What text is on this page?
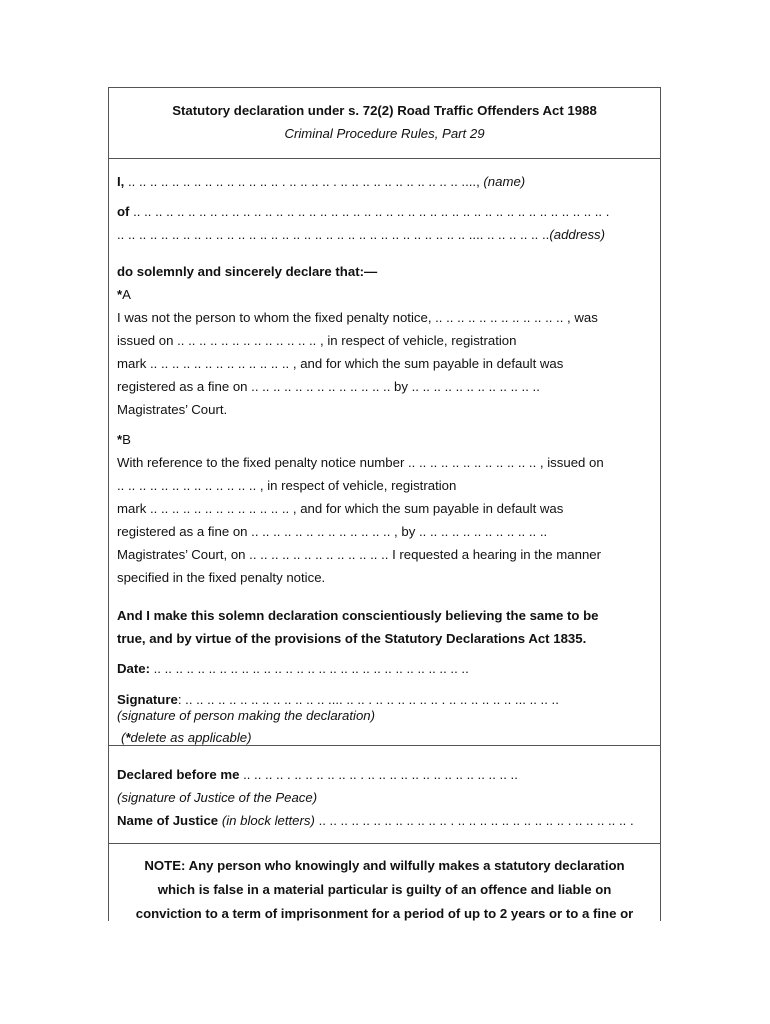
Statutory declaration under s. 72(2) Road Traffic Offenders Act 1988
Criminal Procedure Rules, Part 29
I, .. .. .. .. .. .. .. .. .. .. .. .. .. .. . .. .. .. .. . .. .. .. .. .. .. .. .. .. .. .. ...., (name)
of .. .. .. .. .. .. .. .. .. .. .. .. .. .. .. .. .. .. .. .. .. .. .. .. .. .. .. .. .. .. .. .. .. .. .. .. .. .. .. .. .. .. .. .
.. .. .. .. .. .. .. .. .. .. .. .. .. .. .. .. .. .. .. .. .. .. .. .. .. .. .. .. .. .. .. .. .... .. .. .. .. .. ..(address)
do solemnly and sincerely declare that:—
*A
I was not the person to whom the fixed penalty notice, .. .. .. .. .. .. .. .. .. .. .. .. , was
issued on .. .. .. .. .. .. .. .. .. .. .. .. .. , in respect of vehicle, registration
mark .. .. .. .. .. .. .. .. .. .. .. .. .. , and for which the sum payable in default was
registered as a fine on .. .. .. .. .. .. .. .. .. .. .. .. .. by .. .. .. .. .. .. .. .. .. .. .. ..
Magistrates’ Court.
*B
With reference to the fixed penalty notice number .. .. .. .. .. .. .. .. .. .. .. .. , issued on
.. .. .. .. .. .. .. .. .. .. .. .. .. , in respect of vehicle, registration
mark .. .. .. .. .. .. .. .. .. .. .. .. .. , and for which the sum payable in default was
registered as a fine on .. .. .. .. .. .. .. .. .. .. .. .. .. , by .. .. .. .. .. .. .. .. .. .. .. ..
Magistrates’ Court, on .. .. .. .. .. .. .. .. .. .. .. .. .. I requested a hearing in the manner
specified in the fixed penalty notice.
And I make this solemn declaration conscientiously believing the same to be
true, and by virtue of the provisions of the Statutory Declarations Act 1835.
Date: .. .. .. .. .. .. .. .. .. .. .. .. .. .. .. .. .. .. .. .. .. .. .. .. .. .. .. .. ..
Signature: .. .. .. .. .. .. .. .. .. .. .. .. .. .... .. .. . .. .. .. .. .. .. . .. .. .. .. .. .. ... .. .. ..
(signature of person making the declaration)
(*delete as applicable)
Declared before me .. .. .. .. . .. .. .. .. .. .. . .. .. .. .. .. .. .. .. .. .. .. .. .. ..
(signature of Justice of the Peace)
Name of Justice (in block letters) .. .. .. .. .. .. .. .. .. .. .. .. . .. .. .. .. .. .. .. .. .. .. . .. .. .. .. .. .
NOTE: Any person who knowingly and wilfully makes a statutory declaration
which is false in a material particular is guilty of an offence and liable on
conviction to a term of imprisonment for a period of up to 2 years or to a fine or
